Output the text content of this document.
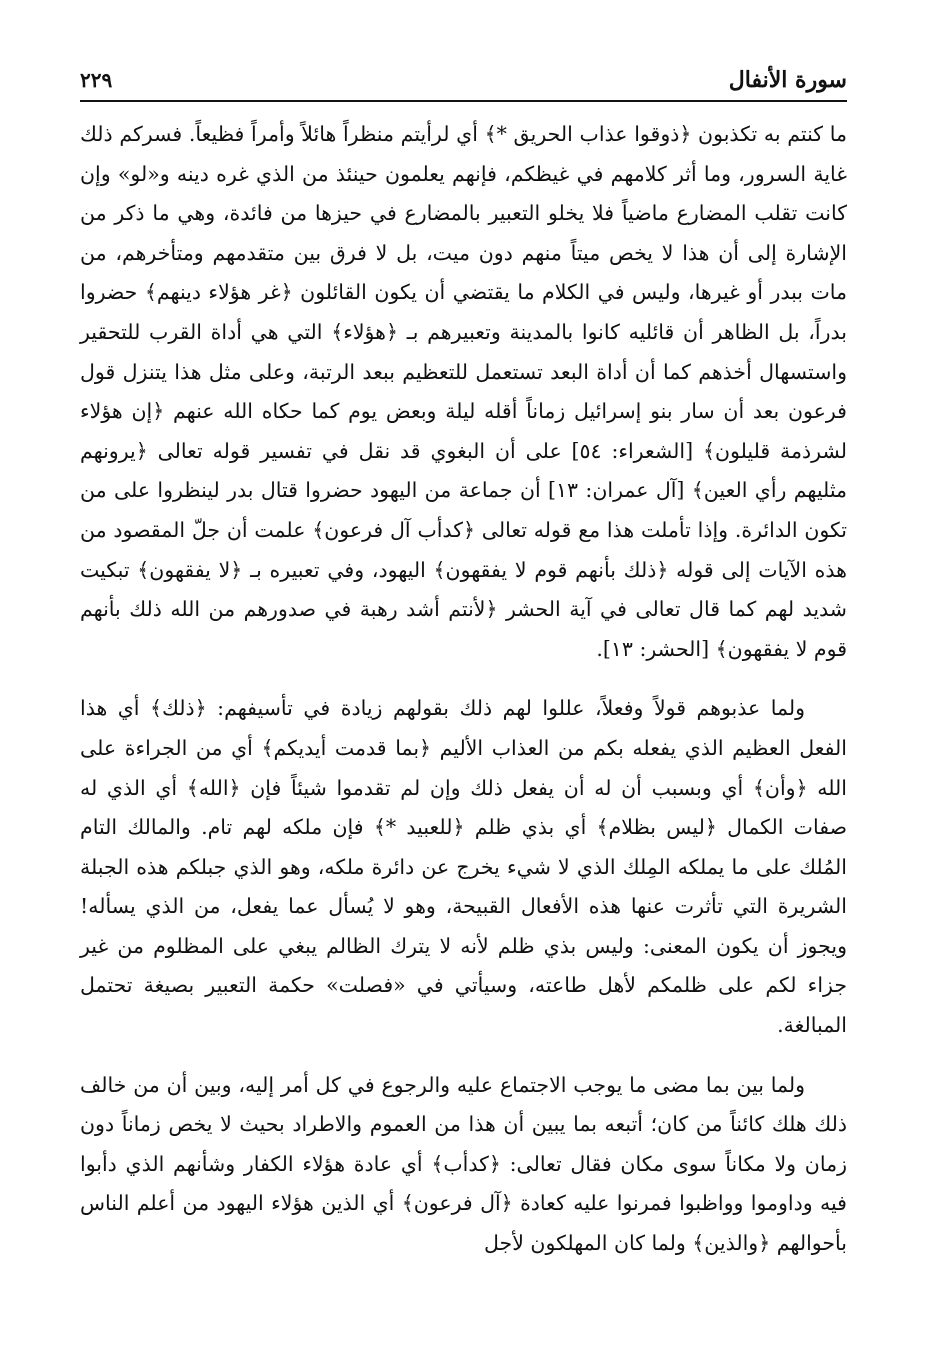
سورة الأنفال
٢٢٩

ما كنتم به تكذبون ﴿ذوقوا عذاب الحريق *﴾ أي لرأيتم منظراً هائلاً وأمراً فظيعاً. فسركم ذلك غاية السرور، وما أثر كلامهم في غيظكم، فإنهم يعلمون حينئذ من الذي غره دينه و«لو» وإن كانت تقلب المضارع ماضياً فلا يخلو التعبير بالمضارع في حيزها من فائدة، وهي ما ذكر من الإشارة إلى أن هذا لا يخص ميتاً منهم دون ميت، بل لا فرق بين متقدمهم ومتأخرهم، من مات ببدر أو غيرها، وليس في الكلام ما يقتضي أن يكون القائلون ﴿غر هؤلاء دينهم﴾ حضروا بدراً، بل الظاهر أن قائليه كانوا بالمدينة وتعبيرهم بـ ﴿هؤلاء﴾ التي هي أداة القرب للتحقير واستسهال أخذهم كما أن أداة البعد تستعمل للتعظيم ببعد الرتبة، وعلى مثل هذا يتنزل قول فرعون بعد أن سار بنو إسرائيل زماناً أقله ليلة وبعض يوم كما حكاه الله عنهم ﴿إن هؤلاء لشرذمة قليلون﴾ [الشعراء: ٥٤] على أن البغوي قد نقل في تفسير قوله تعالى ﴿يرونهم مثليهم رأي العين﴾ [آل عمران: ١٣] أن جماعة من اليهود حضروا قتال بدر لينظروا على من تكون الدائرة. وإذا تأملت هذا مع قوله تعالى ﴿كدأب آل فرعون﴾ علمت أن جلّ المقصود من هذه الآيات إلى قوله ﴿ذلك بأنهم قوم لا يفقهون﴾ اليهود، وفي تعبيره بـ ﴿لا يفقهون﴾ تبكيت شديد لهم كما قال تعالى في آية الحشر ﴿لأنتم أشد رهبة في صدورهم من الله ذلك بأنهم قوم لا يفقهون﴾ [الحشر: ١٣].

ولما عذبوهم قولاً وفعلاً، عللوا لهم ذلك بقولهم زيادة في تأسيفهم: ﴿ذلك﴾ أي هذا الفعل العظيم الذي يفعله بكم من العذاب الأليم ﴿بما قدمت أيديكم﴾ أي من الجراءة على الله ﴿وأن﴾ أي وبسبب أن له أن يفعل ذلك وإن لم تقدموا شيئاً فإن ﴿الله﴾ أي الذي له صفات الكمال ﴿ليس بظلام﴾ أي بذي ظلم ﴿للعبيد *﴾ فإن ملكه لهم تام. والمالك التام المُلك على ما يملكه المِلك الذي لا شيء يخرج عن دائرة ملكه، وهو الذي جبلكم هذه الجبلة الشريرة التي تأثرت عنها هذه الأفعال القبيحة، وهو لا يُسأل عما يفعل، من الذي يسأله! ويجوز أن يكون المعنى: وليس بذي ظلم لأنه لا يترك الظالم يبغي على المظلوم من غير جزاء لكم على ظلمكم لأهل طاعته، وسيأتي في «فصلت» حكمة التعبير بصيغة تحتمل المبالغة.

ولما بين بما مضى ما يوجب الاجتماع عليه والرجوع في كل أمر إليه، وبين أن من خالف ذلك هلك كائناً من كان؛ أتبعه بما يبين أن هذا من العموم والاطراد بحيث لا يخص زماناً دون زمان ولا مكاناً سوى مكان فقال تعالى: ﴿كدأب﴾ أي عادة هؤلاء الكفار وشأنهم الذي دأبوا فيه وداوموا وواظبوا فمرنوا عليه كعادة ﴿آل فرعون﴾ أي الذين هؤلاء اليهود من أعلم الناس بأحوالهم ﴿والذين﴾ ولما كان المهلكون لأجل
